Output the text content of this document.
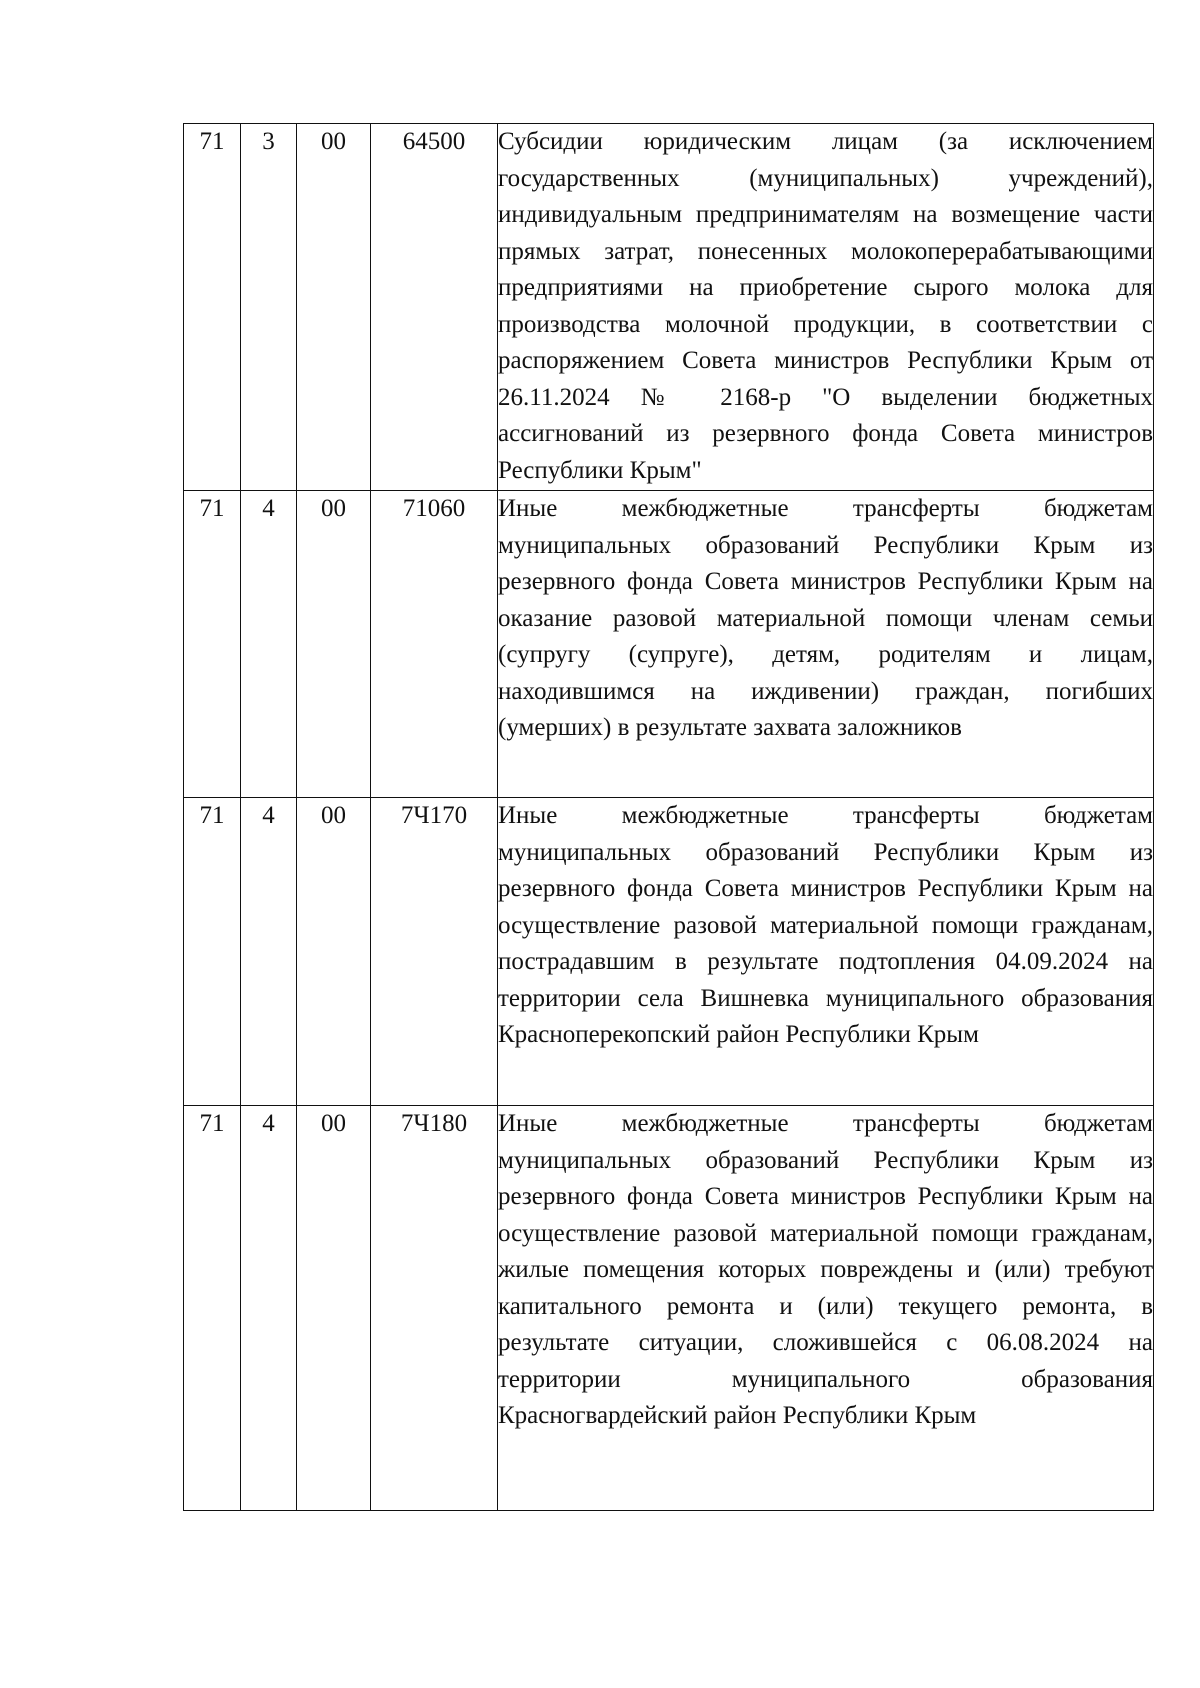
71	3	00	64500	Субсидии юридическим лицам (за исключением государственных (муниципальных) учреждений), индивидуальным предпринимателям на возмещение части прямых затрат, понесенных молокоперерабатывающими предприятиями на приобретение сырого молока для производства молочной продукции, в соответствии с распоряжением Совета министров Республики Крым от 26.11.2024 № 2168-р "О выделении бюджетных ассигнований из резервного фонда Совета министров Республики Крым"
71	4	00	71060	Иные межбюджетные трансферты бюджетам муниципальных образований Республики Крым из резервного фонда Совета министров Республики Крым на оказание разовой материальной помощи членам семьи (супругу (супруге), детям, родителям и лицам, находившимся на иждивении) граждан, погибших (умерших) в результате захвата заложников
71	4	00	7Ч170	Иные межбюджетные трансферты бюджетам муниципальных образований Республики Крым из резервного фонда Совета министров Республики Крым на осуществление разовой материальной помощи гражданам, пострадавшим в результате подтопления 04.09.2024 на территории села Вишневка муниципального образования Красноперекопский район Республики Крым
71	4	00	7Ч180	Иные межбюджетные трансферты бюджетам муниципальных образований Республики Крым из резервного фонда Совета министров Республики Крым на осуществление разовой материальной помощи гражданам, жилые помещения которых повреждены и (или) требуют капитального ремонта и (или) текущего ремонта, в результате ситуации, сложившейся с 06.08.2024 на территории муниципального образования Красногвардейский район Республики Крым
